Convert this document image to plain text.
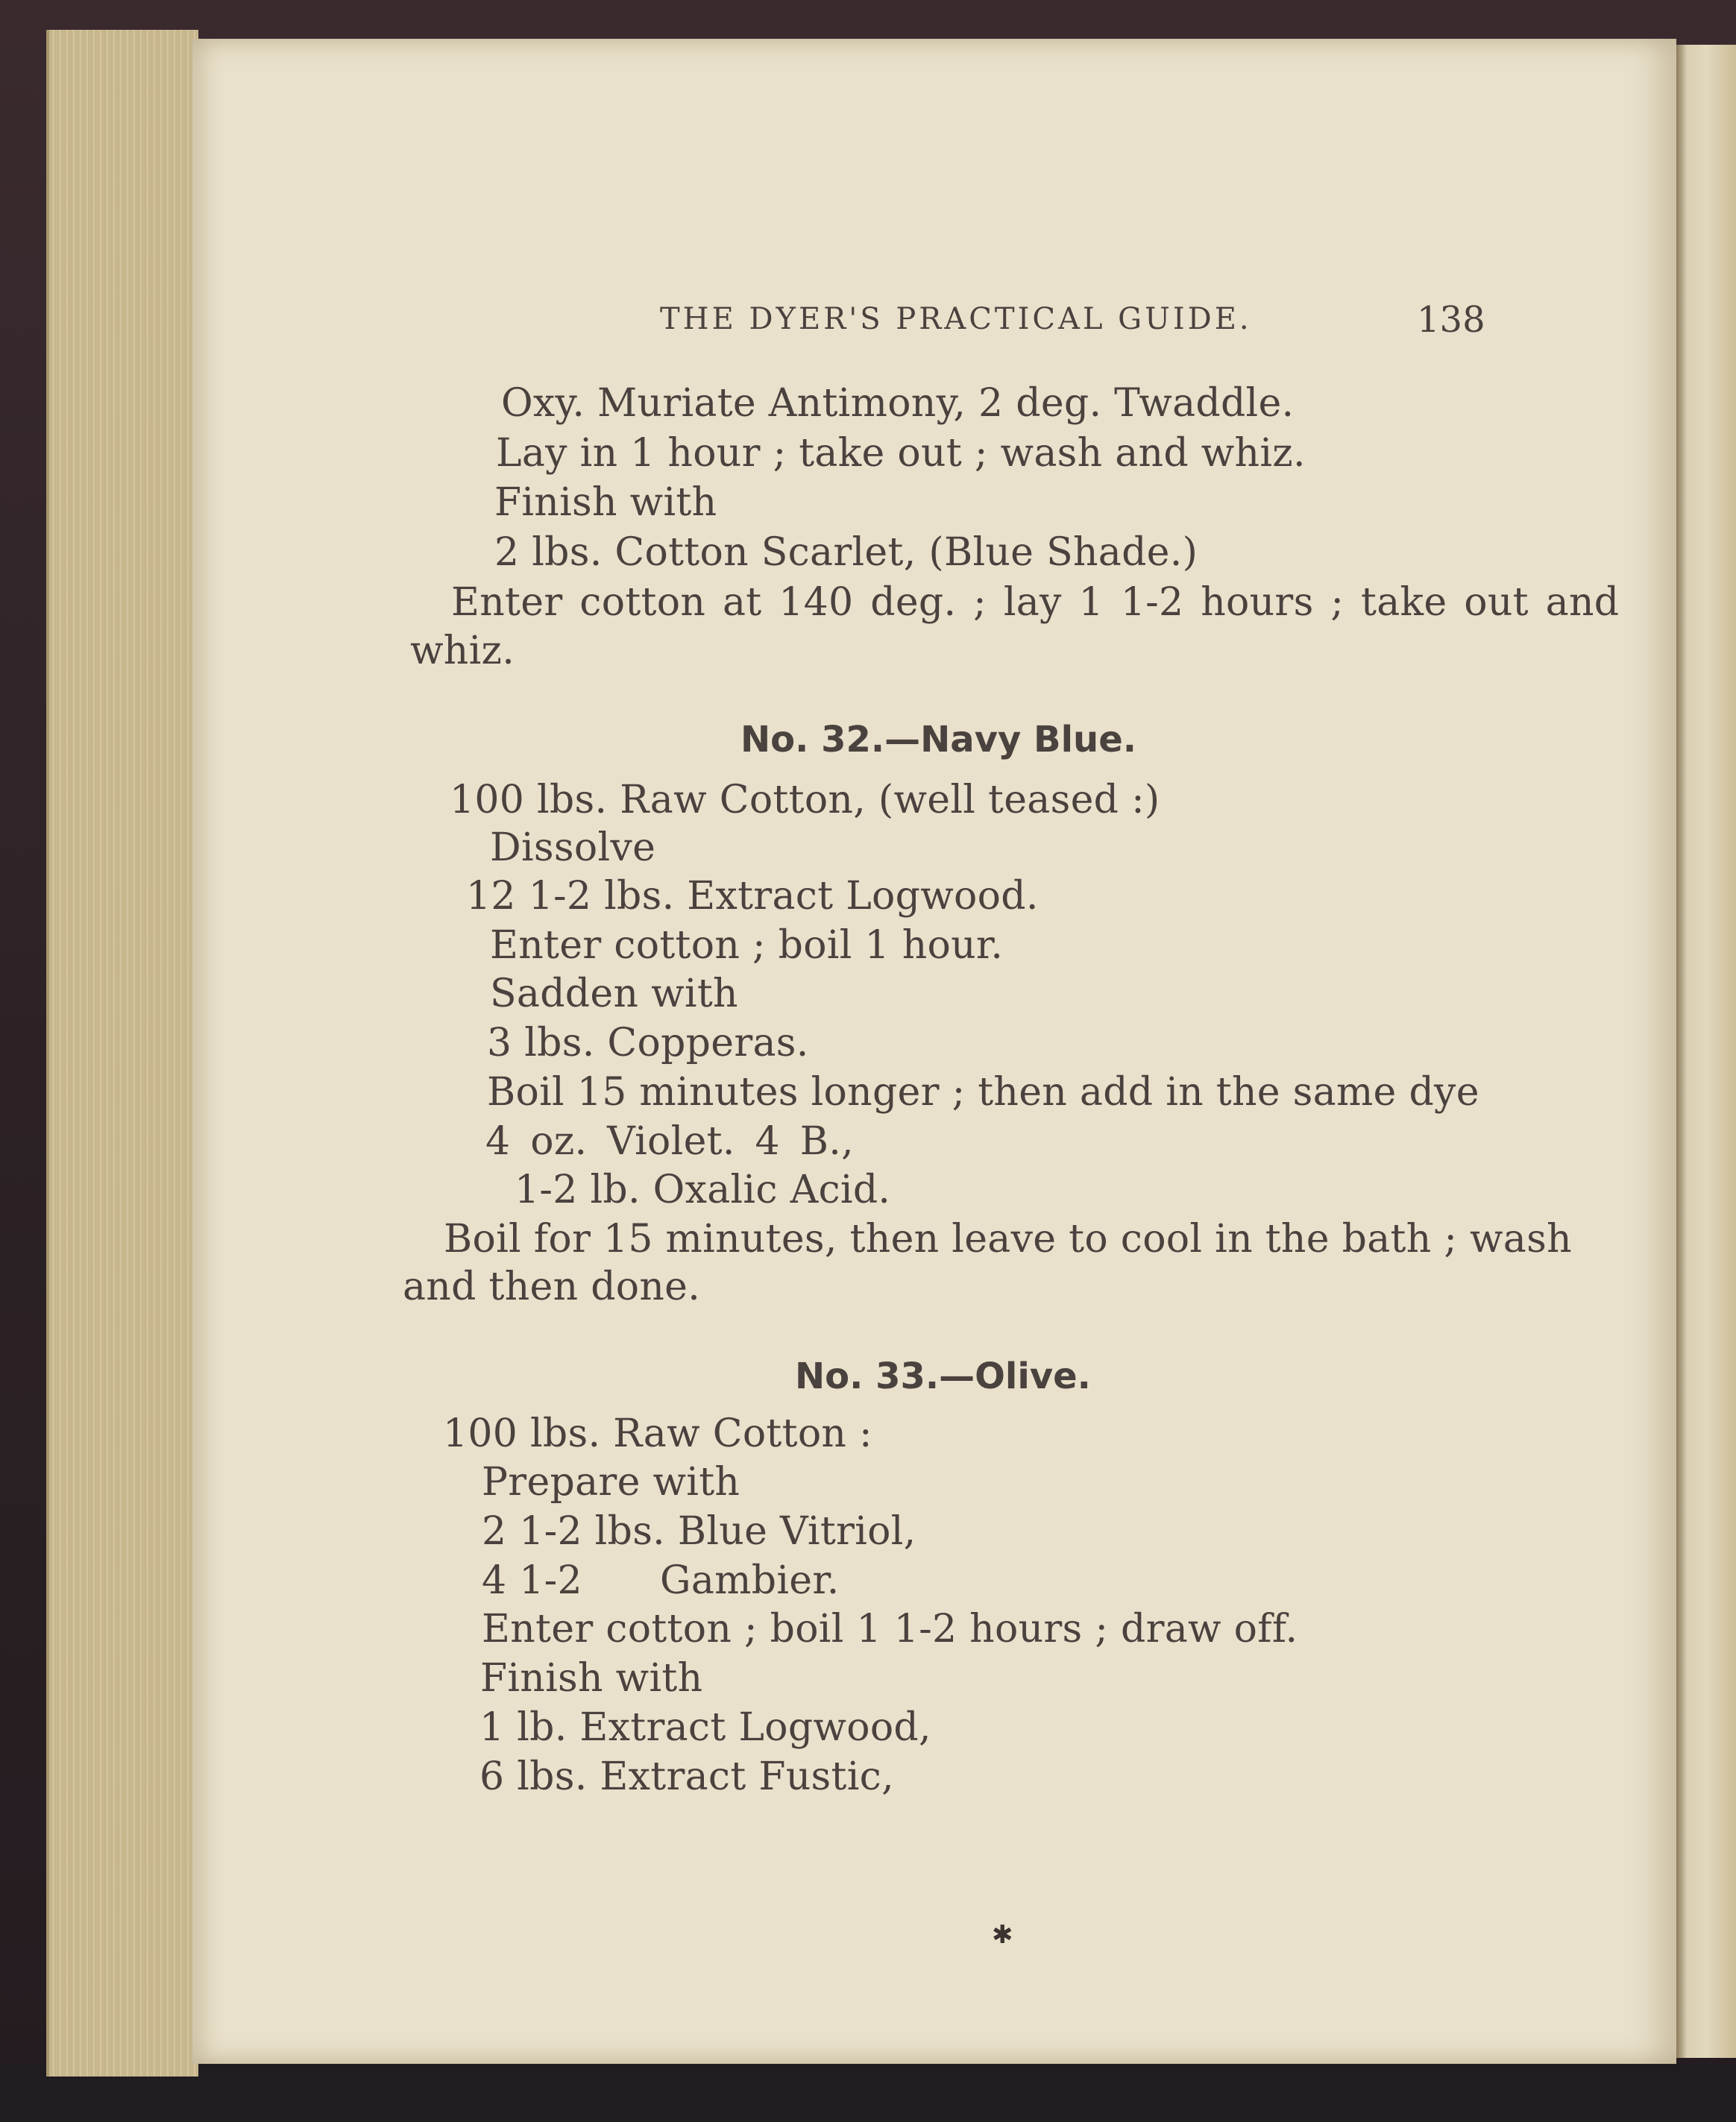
THE DYER'S PRACTICAL GUIDE.	138
Oxy. Muriate Antimony, 2 deg. Twaddle.
Lay in 1 hour ; take out ; wash and whiz.
Finish with
2 lbs. Cotton Scarlet, (Blue Shade.)
Enter cotton at 140 deg. ; lay 1 1-2 hours ; take out and
whiz.
No. 32.—Navy Blue.
100 lbs. Raw Cotton, (well teased :)
Dissolve
12 1-2 lbs. Extract Logwood.
Enter cotton ; boil 1 hour.
Sadden with
3 lbs. Copperas.
Boil 15 minutes longer ; then add in the same dye
4 oz. Violet. 4 B.,
1-2 lb. Oxalic Acid.
Boil for 15 minutes, then leave to cool in the bath ; wash
and then done.
No. 33.—Olive.
100 lbs. Raw Cotton :
Prepare with
2 1-2 lbs. Blue Vitriol,
4 1-2 Gambier.
Enter cotton ; boil 1 1-2 hours ; draw off.
Finish with
1 lb. Extract Logwood,
6 lbs. Extract Fustic,
✱
